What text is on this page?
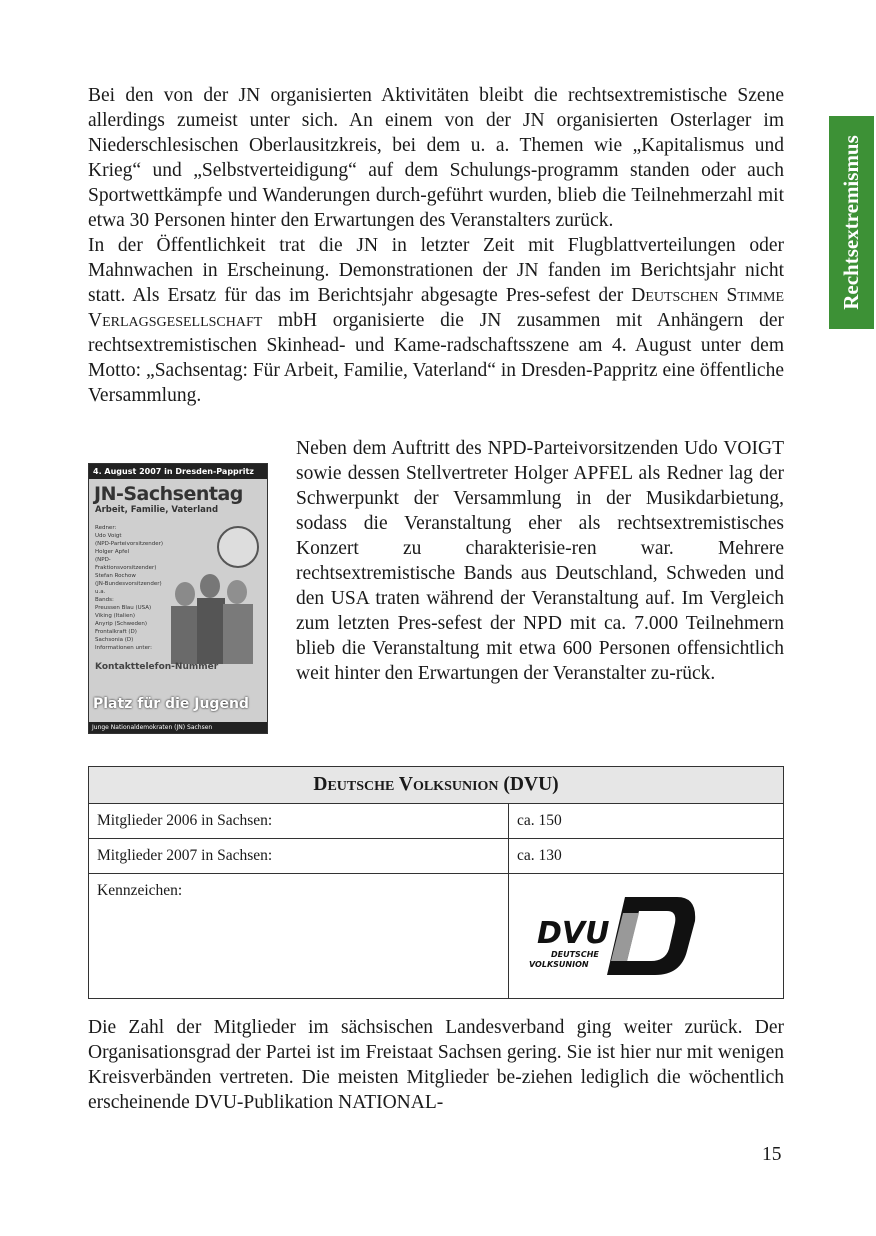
Rechtsextremismus

Bei den von der JN organisierten Aktivitäten bleibt die rechtsextremistische Szene allerdings zumeist unter sich. An einem von der JN organisierten Osterlager im Niederschlesischen Oberlausitzkreis, bei dem u. a. Themen wie „Kapitalismus und Krieg“ und „Selbstverteidigung“ auf dem Schulungs-programm standen oder auch Sportwettkämpfe und Wanderungen durch-geführt wurden, blieb die Teilnehmerzahl mit etwa 30 Personen hinter den Erwartungen des Veranstalters zurück.

In der Öffentlichkeit trat die JN in letzter Zeit mit Flugblattverteilungen oder Mahnwachen in Erscheinung. Demonstrationen der JN fanden im Berichtsjahr nicht statt. Als Ersatz für das im Berichtsjahr abgesagte Pres-sefest der Deutschen Stimme Verlagsgesellschaft mbH organisierte die JN zusammen mit Anhängern der rechtsextremistischen Skinhead- und Kame-radschaftsszene am 4. August unter dem Motto: „Sachsentag: Für Arbeit, Familie, Vaterland“ in Dresden-Pappritz eine öffentliche Versammlung.

Neben dem Auftritt des NPD-Parteivorsitzenden Udo VOIGT sowie dessen Stellvertreter Holger APFEL als Redner lag der Schwerpunkt der Versammlung in der Musikdarbietung, sodass die Veranstaltung eher als rechtsextremistisches Konzert zu charakterisie-ren war. Mehrere rechtsextremistische Bands aus Deutschland, Schweden und den USA traten während der Veranstaltung auf. Im Vergleich zum letzten Pres-sefest der NPD mit ca. 7.000 Teilnehmern blieb die Veranstaltung mit etwa 600 Personen offensichtlich weit hinter den Erwartungen der Veranstalter zu-rück.
4. August 2007 in Dresden-Pappritz
JN-Sachsentag
Arbeit, Familie, Vaterland
Redner:
Udo Voigt
(NPD-Parteivorsitzender)
Holger Apfel
(NPD-Fraktionsvorsitzender)
Stefan Rochow
(JN-Bundesvorsitzender)
u.a.
Bands:
Preussen Blau (USA)
Viking (Italien)
Anyrip (Schweden)
Frontalkraft (D)
Sachsonia (D)
Informationen unter:
Kontakttelefon-Nummer
Platz für die Jugend
Junge Nationaldemokraten (JN) Sachsen
Deutsche Volksunion (DVU)	
Mitglieder 2006 in Sachsen:	ca. 150
Mitglieder 2007 in Sachsen:	ca. 130
Kennzeichen:	DVU
DEUTSCHE
VOLKSUNION

Die Zahl der Mitglieder im sächsischen Landesverband ging weiter zurück. Der Organisationsgrad der Partei ist im Freistaat Sachsen gering. Sie ist hier nur mit wenigen Kreisverbänden vertreten. Die meisten Mitglieder be-ziehen lediglich die wöchentlich erscheinende DVU-Publikation NATIONAL-

15
